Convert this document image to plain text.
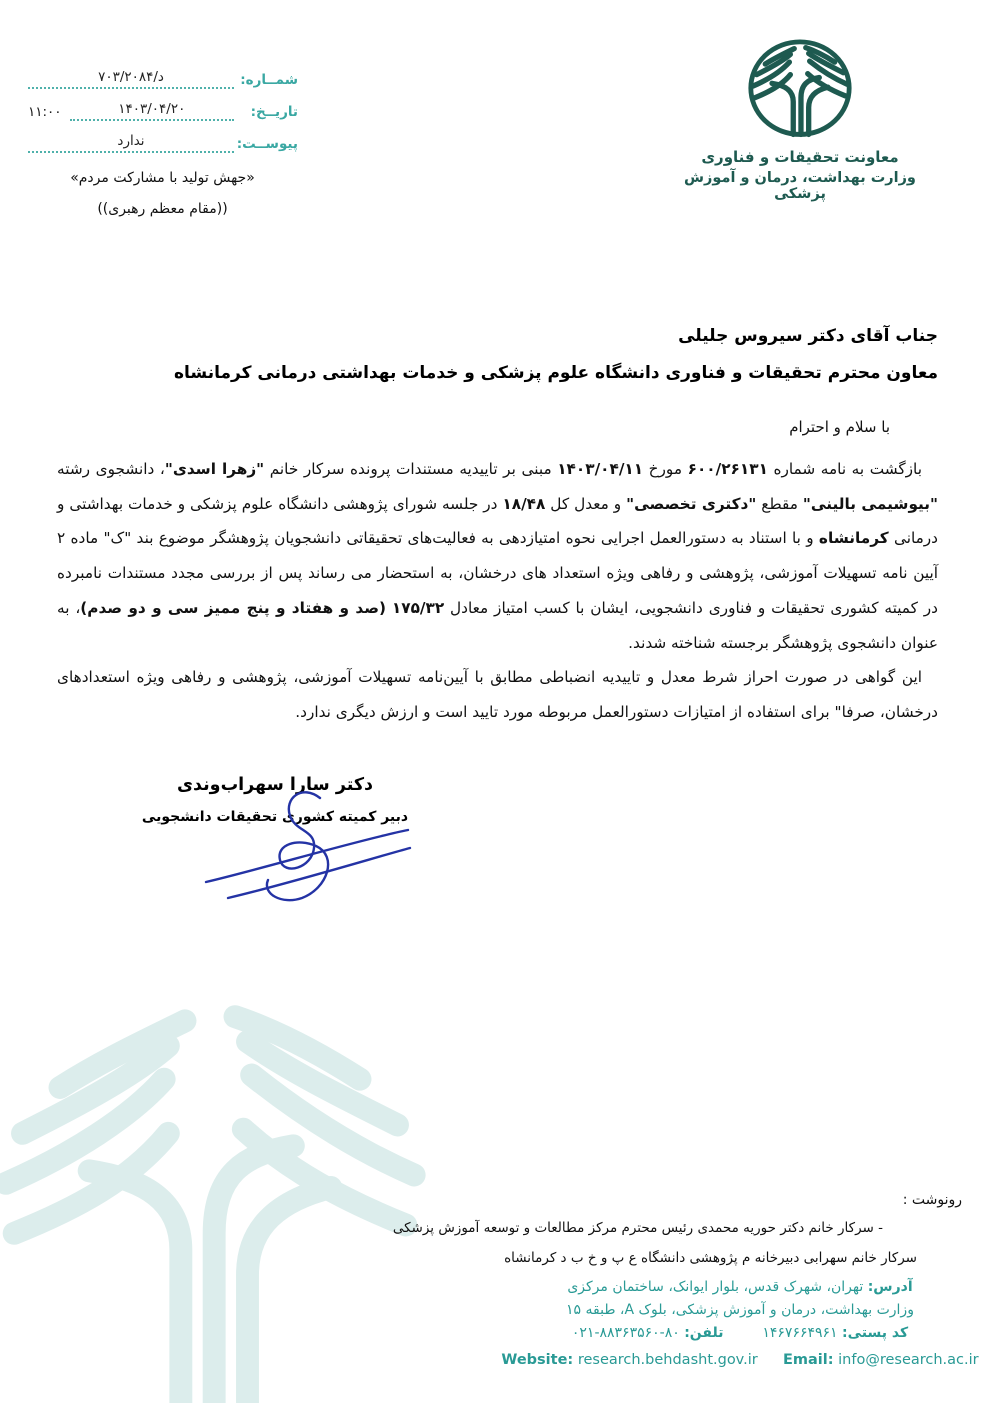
شمــاره:
د/۷۰۳/۲۰۸۴
تاريــخ:
۱۴۰۳/۰۴/۲۰
۱۱:۰۰
پیوســت:
ندارد
«جهش تولید با مشارکت مردم»
((مقام معظم رهبری))
معاونت تحقیقات و فناوری
وزارت بهداشت، درمان و آموزش پزشکی
جناب آقای دکتر سیروس جلیلی
معاون محترم تحقیقات و فناوری دانشگاه علوم پزشکی و خدمات بهداشتی درمانی کرمانشاه
با سلام و احترام

بازگشت به نامه شماره ۶۰۰/۲۶۱۳۱ مورخ ۱۴۰۳/۰۴/۱۱ مبنی بر تاییدیه مستندات پرونده سرکار خانم "زهرا اسدی"، دانشجوی رشته "بیوشیمی بالینی" مقطع "دکتری تخصصی" و معدل کل ۱۸/۴۸ در جلسه شورای پژوهشی دانشگاه علوم پزشکی و خدمات بهداشتی و درمانی کرمانشاه و با استناد به دستورالعمل اجرایی نحوه امتیازدهی به فعالیت‌های تحقیقاتی دانشجویان پژوهشگر موضوع بند "ک" ماده ۲ آیین نامه تسهیلات آموزشی، پژوهشی و رفاهی ویژه استعداد های درخشان، به استحضار می رساند پس از بررسی مجدد مستندات نامبرده در کمیته کشوری تحقیقات و فناوری دانشجویی، ایشان با کسب امتیاز معادل ۱۷۵/۳۲ (صد و هفتاد و پنج ممیز سی و دو صدم)، به عنوان دانشجوی پژوهشگر برجسته شناخته شدند.

این گواهی در صورت احراز شرط معدل و تاییدیه انضباطی مطابق با آیین‌نامه تسهیلات آموزشی، پژوهشی و رفاهی ویژه استعدادهای درخشان، صرفا" برای استفاده از امتیازات دستورالعمل مربوطه مورد تایید است و ارزش دیگری ندارد.

دکتر سارا سهراب‌وندی
دبیر کمیته کشوری تحقیقات دانشجویی
رونوشت :
- سرکار خانم دکتر حوریه محمدی رئیس محترم مرکز مطالعات و توسعه آموزش پزشکی
سرکار خانم سهرابی دبیرخانه م پژوهشی دانشگاه ع پ و خ ب د کرمانشاه
آدرس: تهران، شهرک قدس، بلوار ایوانک، ساختمان مرکزی
وزارت بهداشت، درمان و آموزش پزشکی، بلوک A، طبقه ۱۵
کد پستی: ۱۴۶۷۶۶۴۹۶۱  تلفن: ۰۲۱-۸۸۳۶۳۵۶۰-۸۰
Website: research.behdasht.gov.ir Email: info@research.ac.ir
